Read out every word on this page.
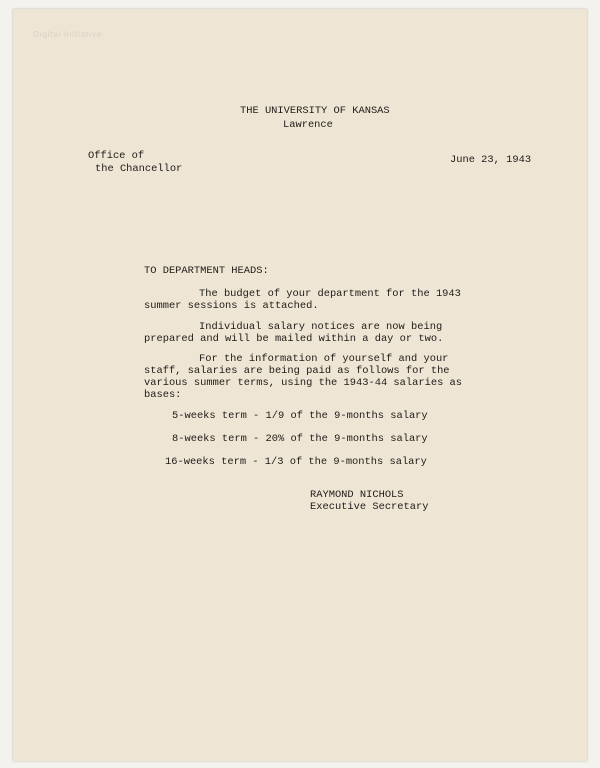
Digital Initiative
THE UNIVERSITY OF KANSAS
Lawrence
Office of
the Chancellor
June 23, 1943
TO DEPARTMENT HEADS:
The budget of your department for the 1943
summer sessions is attached.
Individual salary notices are now being
prepared and will be mailed within a day or two.
For the information of yourself and your
staff, salaries are being paid as follows for the
various summer terms, using the 1943-44 salaries as
bases:
5-weeks term - 1/9 of the 9-months salary
8-weeks term - 20% of the 9-months salary
16-weeks term - 1/3 of the 9-months salary
RAYMOND NICHOLS
Executive Secretary
